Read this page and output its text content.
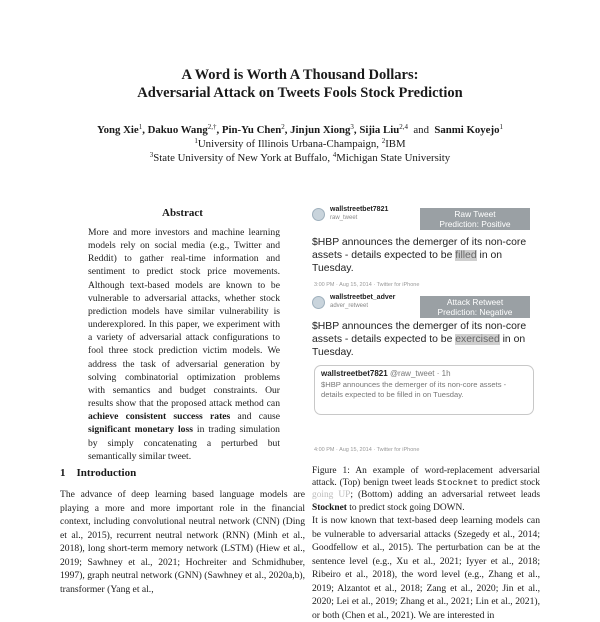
A Word is Worth A Thousand Dollars:
Adversarial Attack on Tweets Fools Stock Prediction
Yong Xie$^1$, Dakuo Wang$^{2,\dagger}$, Pin-Yu Chen$^2$, Jinjun Xiong$^3$, Sijia Liu$^{2,4}$ and Sanmi Koyejo$^1$
$^1$University of Illinois Urbana-Champaign, $^2$IBM
$^3$State University of New York at Buffalo, $^4$Michigan State University
Abstract
More and more investors and machine learning models rely on social media (e.g., Twitter and Reddit) to gather real-time information and sentiment to predict stock price movements. Although text-based models are known to be vulnerable to adversarial attacks, whether stock prediction models have similar vulnerability is underexplored. In this paper, we experiment with a variety of adversarial attack configurations to fool three stock prediction victim models. We address the task of adversarial generation by solving combinatorial optimization problems with semantics and budget constraints. Our results show that the proposed attack method can achieve consistent success rates and cause significant monetary loss in trading simulation by simply concatenating a perturbed but semantically similar tweet.
1 Introduction
The advance of deep learning based language models are playing a more and more important role in the financial context, including convolutional neutral network (CNN) (Ding et al., 2015), recurrent neutral network (RNN) (Minh et al., 2018), long short-term memory network (LSTM) (Hiew et al., 2019; Sawhney et al., 2021; Hochreiter and Schmidhuber, 1997), graph neutral network (GNN) (Sawhney et al., 2020a,b), transformer (Yang et al.,
wallstreetbet7821
raw_tweet	Raw Tweet
Prediction: Positive
$HBP announces the demerger of its non-core assets - details expected to be filled in on Tuesday.
3:00 PM · Aug 15, 2014 · Twitter for iPhone
wallstreetbet_adver
adver_retweet	Attack Retweet
Prediction: Negative
$HBP announces the demerger of its non-core assets - details expected to be exercised in on Tuesday.
wallstreetbet7821 @raw_tweet · 1h
$HBP announces the demerger of its non-core assets - details expected to be filled in on Tuesday.
4:00 PM · Aug 15, 2014 · Twitter for iPhone
Figure 1: An example of word-replacement adversarial attack. (Top) benign tweet leads Stocknet to predict stock going UP; (Bottom) adding an adversarial retweet leads Stocknet to predict stock going DOWN.
It is now known that text-based deep learning models can be vulnerable to adversarial attacks (Szegedy et al., 2014; Goodfellow et al., 2015). The perturbation can be at the sentence level (e.g., Xu et al., 2021; Iyyer et al., 2018; Ribeiro et al., 2018), the word level (e.g., Zhang et al., 2019; Alzantot et al., 2018; Zang et al., 2020; Jin et al., 2020; Lei et al., 2019; Zhang et al., 2021; Lin et al., 2021), or both (Chen et al., 2021). We are interested in
